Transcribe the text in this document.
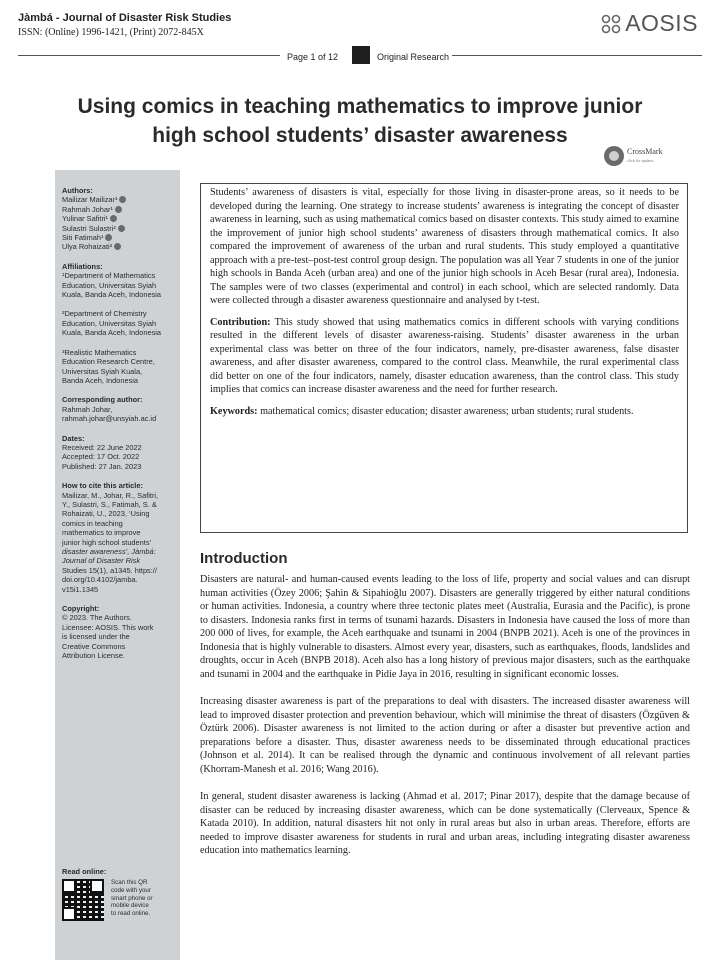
Jàmbá - Journal of Disaster Risk Studies
ISSN: (Online) 1996-1421, (Print) 2072-845X	AOSIS
Page 1 of 12	Original Research
Using comics in teaching mathematics to improve junior
high school students’ disaster awareness
CrossMark
click for updates
Authors:
Mailizar Mailizar¹
Rahmah Johar¹
Yulinar Safitri¹
Sulastri Sulastri²
Siti Fatimah¹
Ulya Rohaizati³
Affiliations:
¹Department of Mathematics
Education, Universitas Syiah
Kuala, Banda Aceh, Indonesia
²Department of Chemistry
Education, Universitas Syiah
Kuala, Banda Aceh, Indonesia
³Realistic Mathematics
Education Research Centre,
Universitas Syiah Kuala,
Banda Aceh, Indonesia
Corresponding author:
Rahmah Johar,
rahmah.johar@unsyiah.ac.id
Dates:
Received: 22 June 2022
Accepted: 17 Oct. 2022
Published: 27 Jan. 2023
How to cite this article:
Mailizar, M., Johar, R., Safitri,
Y., Sulastri, S., Fatimah, S. &
Rohaizati, U., 2023, ‘Using
comics in teaching
mathematics to improve
junior high school students’
disaster awareness’, Jàmbá:
Journal of Disaster Risk
Studies 15(1), a1345. https://
doi.org/10.4102/jamba.
v15i1.1345
Copyright:
© 2023. The Authors.
Licensee: AOSIS. This work
is licensed under the
Creative Commons
Attribution License.
Read online:
Scan this QR
code with your
smart phone or
mobile device
to read online.

Students’ awareness of disasters is vital, especially for those living in disaster-prone areas, so it needs to be developed during the learning. One strategy to increase students’ awareness is integrating the concept of disaster awareness in learning, such as using mathematical comics based on disaster contexts. This study aimed to examine the improvement of junior high school students’ awareness of disasters through mathematical comics. It also compared the improvement of awareness of the urban and rural students. This study employed a quantitative approach with a pre-test–post-test control group design. The population was all Year 7 students in one of the junior high schools in Banda Aceh (urban area) and one of the junior high schools in Aceh Besar (rural area), Indonesia. The samples were of two classes (experimental and control) in each school, which are selected randomly. Data were collected through a disaster awareness questionnaire and analysed by t-test.

Contribution: This study showed that using mathematics comics in different schools with varying conditions resulted in the different levels of disaster awareness-raising. Students’ disaster awareness in the urban experimental class was better on three of the four indicators, namely, pre-disaster awareness, false disaster awareness, and after disaster awareness, compared to the control class. Meanwhile, the rural experimental class did better on one of the four indicators, namely, disaster education awareness, than the control class. This study implies that comics can increase disaster awareness and the need for further research.

Keywords: mathematical comics; disaster education; disaster awareness; urban students; rural students.

Introduction

Disasters are natural- and human-caused events leading to the loss of life, property and social values and can disrupt human activities (Özey 2006; Şahin & Sipahioğlu 2007). Disasters are generally triggered by either natural conditions or human activities. Indonesia, a country where three tectonic plates meet (Australia, Eurasia and the Pacific), is prone to disasters. Indonesia ranks first in terms of tsunami hazards. Disasters in Indonesia have caused the loss of more than 200 000 of lives, for example, the Aceh earthquake and tsunami in 2004 (BNPB 2021). Aceh is one of the provinces in Indonesia that is highly vulnerable to disasters. Almost every year, disasters, such as earthquakes, floods, landslides and droughts, occur in Aceh (BNPB 2018). Aceh also has a long history of previous major disasters, such as the earthquake and tsunami in 2004 and the earthquake in Pidie Jaya in 2016, resulting in significant economic losses.

Increasing disaster awareness is part of the preparations to deal with disasters. The increased disaster awareness will lead to improved disaster protection and prevention behaviour, which will minimise the threat of disasters (Özgüven & Öztürk 2006). Disaster awareness is not limited to the action during or after a disaster but preventive action and preparations before a disaster. Thus, disaster awareness needs to be disseminated through educational practices (Johnson et al. 2014). It can be realised through the dynamic and continuous involvement of all relevant parties (Khorram-Manesh et al. 2016; Wang 2016).

In general, student disaster awareness is lacking (Ahmad et al. 2017; Pinar 2017), despite that the damage because of disaster can be reduced by increasing disaster awareness, which can be done systematically (Clerveaux, Spence & Katada 2010). In addition, natural disasters hit not only in rural areas but also in urban areas. Therefore, efforts are needed to improve disaster awareness for students in rural and urban areas, including integrating disaster awareness education into mathematics learning.
